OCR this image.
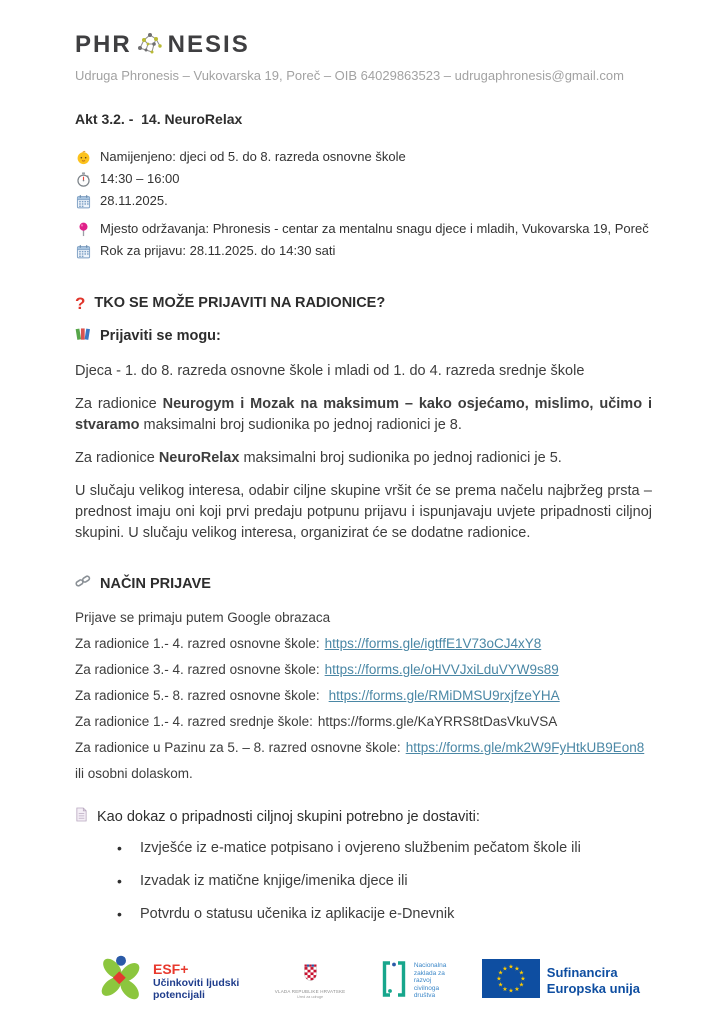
PHR NESIS
Udruga Phronesis – Vukovarska 19, Poreč – OIB 64029863523 – udrugaphronesis@gmail.com
Akt 3.2. -  14. NeuroRelax
Namijenjeno: djeci od 5. do 8. razreda osnovne škole
14:30 – 16:00
28.11.2025.
Mjesto održavanja: Phronesis - centar za mentalnu snagu djece i mladih, Vukovarska 19, Poreč
Rok za prijavu: 28.11.2025. do 14:30 sati
? TKO SE MOŽE PRIJAVITI NA RADIONICE?
Prijaviti se mogu:

Djeca - 1. do 8. razreda osnovne škole i mladi od 1. do 4. razreda srednje škole

Za radionice Neurogym i Mozak na maksimum – kako osjećamo, mislimo, učimo i stvaramo maksimalni broj sudionika po jednoj radionici je 8.

Za radionice NeuroRelax maksimalni broj sudionika po jednoj radionici je 5.

U slučaju velikog interesa, odabir ciljne skupine vršit će se prema načelu najbržeg prsta – prednost imaju oni koji prvi predaju potpunu prijavu i ispunjavaju uvjete pripadnosti ciljnoj skupini. U slučaju velikog interesa, organizirat će se dodatne radionice.

NAČIN PRIJAVE

Prijave se primaju putem Google obrazaca

Za radionice 1.- 4. razred osnovne škole: https://forms.gle/igtffE1V73oCJ4xY8

Za radionice 3.- 4. razred osnovne škole: https://forms.gle/oHVVJxiLduVYW9s89

Za radionice 5.- 8. razred osnovne škole: https://forms.gle/RMiDMSU9rxjfzeYHA

Za radionice 1.- 4. razred srednje škole: https://forms.gle/KaYRRS8tDasVkuVSA

Za radionice u Pazinu za 5. – 8. razred osnovne škole: https://forms.gle/mk2W9FyHtkUB9Eon8

ili osobni dolaskom.

Kao dokaz o pripadnosti ciljnoj skupini potrebno je dostaviti:
• Izvješće iz e-matice potpisano i ovjereno službenim pečatom škole ili
• Izvadak iz matične knjige/imenika djece ili
• Potvrdu o statusu učenika iz aplikacije e-Dnevnik
ESF+
Učinkoviti ljudski
potencijali	VLADA REPUBLIKE HRVATSKE
Ured za udruge
Nacionalna
zaklada za
razvoj
civilnoga
društva
★ ★
★
★
★
★
★
★
★
★
★
★	Sufinancira
Europska unija
